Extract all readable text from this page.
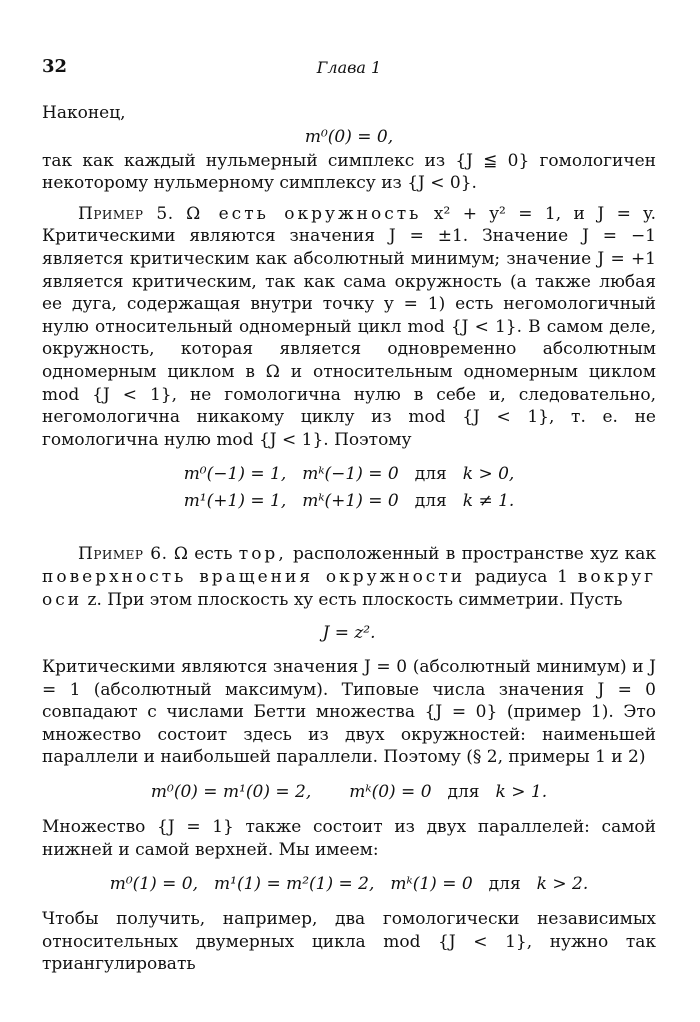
32	Глава 1

Наконец,

m⁰(0) = 0,

так как каждый нульмерный симплекс из {J ≦ 0} гомологичен некоторому нульмерному симплексу из {J < 0}.

Пример 5. Ω есть окружность x² + y² = 1, и J = y. Критическими являются значения J = ±1. Значение J = −1 является критическим как абсолютный минимум; значение J = +1 является критическим, так как сама окружность (а также любая ее дуга, содержащая внутри точку y = 1) есть негомологичный нулю относительный одномерный цикл mod {J < 1}. В самом деле, окружность, которая является одновременно абсолютным одномерным циклом в Ω и относительным одномерным циклом mod {J < 1}, не гомологична нулю в себе и, следовательно, негомологична никакому циклу из mod {J < 1}, т. е. не гомологична нулю mod {J < 1}. Поэтому

m⁰(−1) = 1,	mᵏ(−1) = 0	для	k > 0,
m¹(+1) = 1,	mᵏ(+1) = 0	для	k ≠ 1.

Пример 6. Ω есть тор, расположенный в пространстве xyz как поверхность вращения окружности радиуса 1 вокруг оси z. При этом плоскость xy есть плоскость симметрии. Пусть

J = z².

Критическими являются значения J = 0 (абсолютный минимум) и J = 1 (абсолютный максимум). Типовые числа значения J = 0 совпадают с числами Бетти множества {J = 0} (пример 1). Это множество состоит здесь из двух окружностей: наименьшей параллели и наибольшей параллели. Поэтому (§ 2, примеры 1 и 2)

m⁰(0) = m¹(0) = 2,	mᵏ(0) = 0	для	k > 1.

Множество {J = 1} также состоит из двух параллелей: самой нижней и самой верхней. Мы имеем:

m⁰(1) = 0,	m¹(1) = m²(1) = 2,	mᵏ(1) = 0	для	k > 2.

Чтобы получить, например, два гомологически независимых относительных двумерных цикла mod {J < 1}, нужно так триангулировать
